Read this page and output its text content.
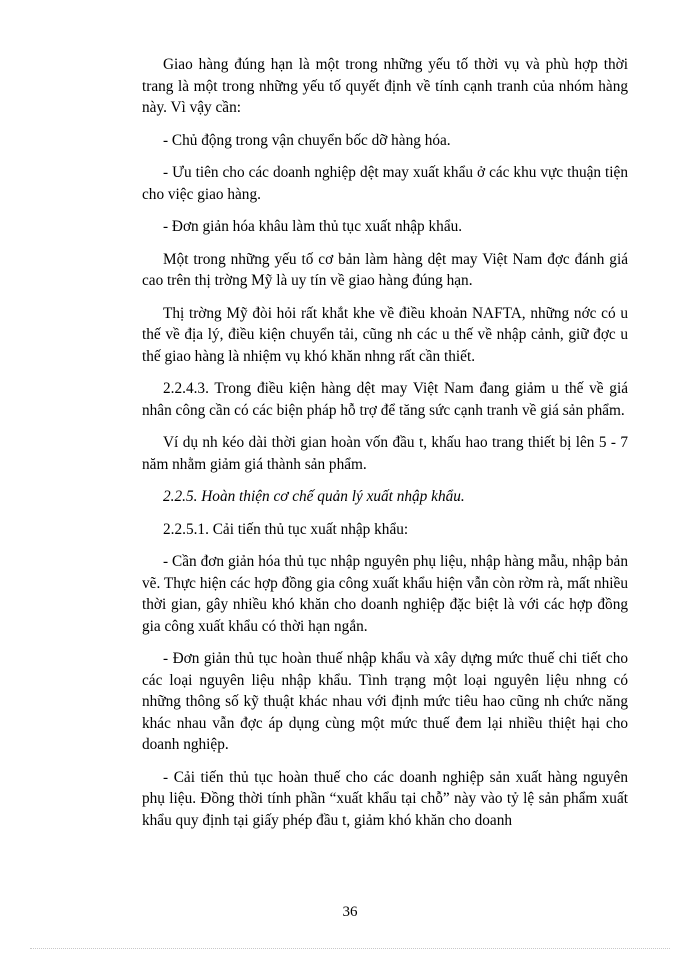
Giao hàng đúng hạn là một trong những yếu tố thời vụ và phù hợp thời trang là một trong những yếu tố quyết định về tính cạnh tranh của nhóm hàng này. Vì vậy cần:

- Chủ động trong vận chuyển bốc dỡ hàng hóa.

- Ưu tiên cho các doanh nghiệp dệt may xuất khẩu ở các khu vực thuận tiện cho việc giao hàng.

- Đơn giản hóa khâu làm thủ tục xuất nhập khẩu.

Một trong những yếu tố cơ bản làm hàng dệt may Việt Nam đợc đánh giá cao trên thị trờng Mỹ là uy tín về giao hàng đúng hạn.

Thị trờng Mỹ đòi hỏi rất khắt khe về điều khoản NAFTA, những nớc có u thế về địa lý, điều kiện chuyển tải, cũng nh các u thế về nhập cảnh, giữ đợc u thế giao hàng là nhiệm vụ khó khăn nhng rất cần thiết.

2.2.4.3. Trong điều kiện hàng dệt may Việt Nam đang giảm u thế về giá nhân công cần có các biện pháp hỗ trợ để tăng sức cạnh tranh về giá sản phẩm.

Ví dụ nh kéo dài thời gian hoàn vốn đầu t, khấu hao trang thiết bị lên 5 - 7 năm nhằm giảm giá thành sản phẩm.

2.2.5. Hoàn thiện cơ chế quản lý xuất nhập khẩu.

2.2.5.1. Cải tiến thủ tục xuất nhập khẩu:

- Cần đơn giản hóa thủ tục nhập nguyên phụ liệu, nhập hàng mẫu, nhập bản vẽ. Thực hiện các hợp đồng gia công xuất khẩu hiện vẫn còn rờm rà, mất nhiều thời gian, gây nhiều khó khăn cho doanh nghiệp đặc biệt là với các hợp đồng gia công xuất khẩu có thời hạn ngắn.

- Đơn giản thủ tục hoàn thuế nhập khẩu và xây dựng mức thuế chi tiết cho các loại nguyên liệu nhập khẩu. Tình trạng một loại nguyên liệu nhng có những thông số kỹ thuật khác nhau với định mức tiêu hao cũng nh chức năng khác nhau vẫn đợc áp dụng cùng một mức thuế đem lại nhiều thiệt hại cho doanh nghiệp.

- Cải tiến thủ tục hoàn thuế cho các doanh nghiệp sản xuất hàng nguyên phụ liệu. Đồng thời tính phần “xuất khẩu tại chỗ” này vào tỷ lệ sản phẩm xuất khẩu quy định tại giấy phép đầu t, giảm khó khăn cho doanh

36
